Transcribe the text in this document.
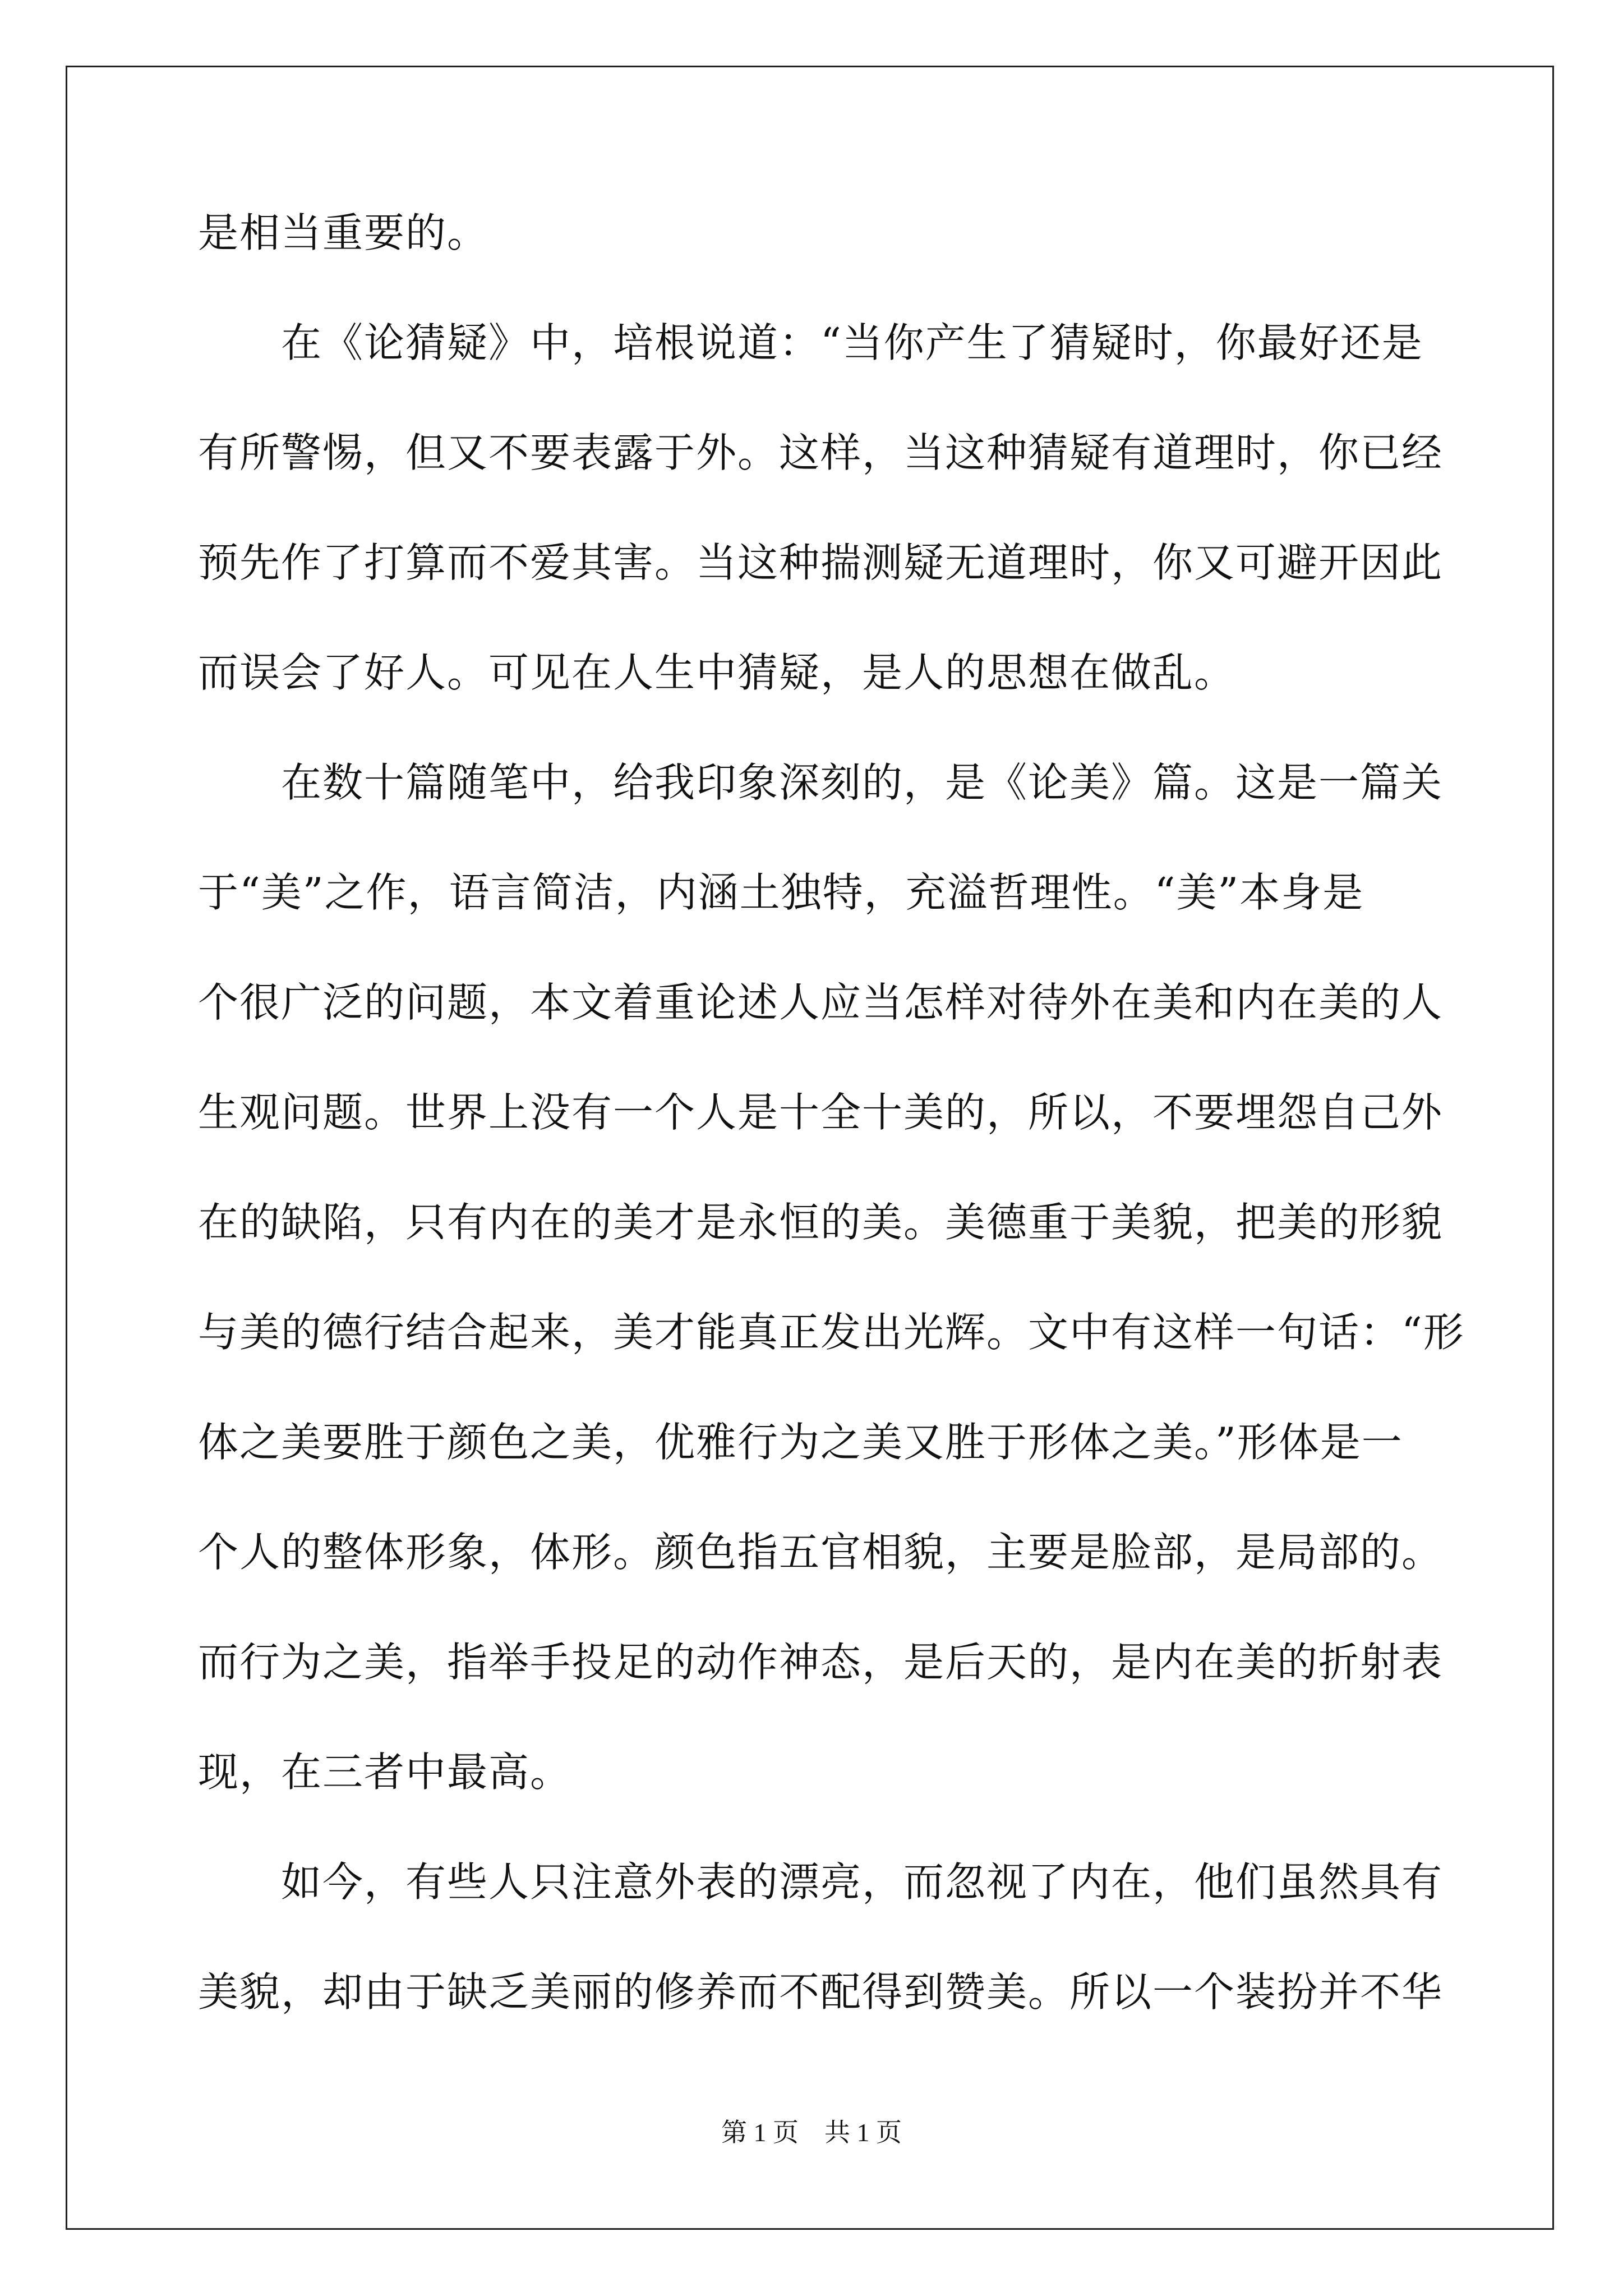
是相当重要的。
在《论猜疑》中，培根说道：“当你产生了猜疑时，你最好还是
有所警惕，但又不要表露于外。这样，当这种猜疑有道理时，你已经
预先作了打算而不爱其害。当这种揣测疑无道理时，你又可避开因此
而误会了好人。可见在人生中猜疑，是人的思想在做乱。
在数十篇随笔中，给我印象深刻的，是《论美》篇。这是一篇关
于“美”之作，语言简洁，内涵土独特，充溢哲理性。“美”本身是
个很广泛的问题，本文着重论述人应当怎样对待外在美和内在美的人
生观问题。世界上没有一个人是十全十美的，所以，不要埋怨自己外
在的缺陷，只有内在的美才是永恒的美。美德重于美貌，把美的形貌
与美的德行结合起来，美才能真正发出光辉。文中有这样一句话：“形
体之美要胜于颜色之美，优雅行为之美又胜于形体之美。”形体是一
个人的整体形象，体形。颜色指五官相貌，主要是脸部，是局部的。
而行为之美，指举手投足的动作神态，是后天的，是内在美的折射表
现，在三者中最高。
如今，有些人只注意外表的漂亮，而忽视了内在，他们虽然具有
美貌，却由于缺乏美丽的修养而不配得到赞美。所以一个装扮并不华
第 1 页　共 1 页
